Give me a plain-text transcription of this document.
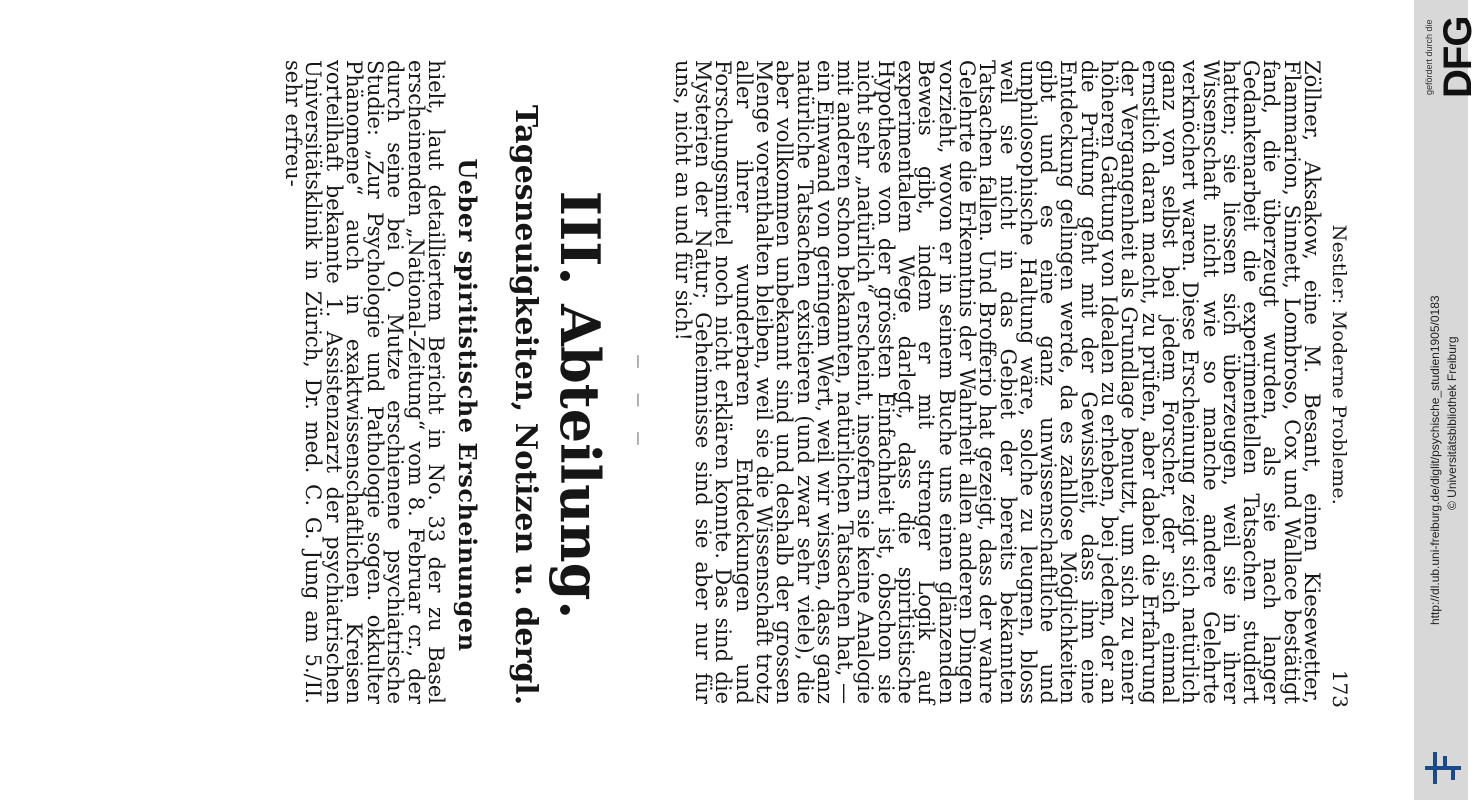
Nestler: Moderne Probleme.
173

Zöllner, Aksakow, eine M. Besant, einen Kiesewetter, Flammarion, Sinnett, Lombroso, Cox und Wallace bestätigt fand, die überzeugt wurden, als sie nach langer Gedankenarbeit die experimentellen Tatsachen studiert hatten; sie liessen sich überzeugen, weil sie in ihrer Wissenschaft nicht wie so manche andere Gelehrte verknöchert waren. Diese Erscheinung zeigt sich natürlich ganz von selbst bei jedem Forscher, der sich einmal ernstlich daran macht, zu prüfen, aber dabei die Erfahrung der Vergangenheit als Grundlage benutzt, um sich zu einer höheren Gattung von Idealen zu erheben, bei jedem, der an die Prüfung geht mit der Gewissheit, dass ihm eine Entdeckung gelingen werde, da es zahllose Möglichkeiten gibt und es eine ganz unwissenschaftliche und unphilosophische Haltung wäre, solche zu leugnen, bloss weil sie nicht in das Gebiet der bereits bekannten Tatsachen fallen. Und Brofferio hat gezeigt, dass der wahre Gelehrte die Erkenntnis der Wahrheit allen anderen Dingen vorzieht, wovon er in seinem Buche uns einen glänzenden Beweis gibt, indem er mit strenger Logik auf experimentalem Wege darlegt, dass die spiritistische Hypothese von der grössten Einfachheit ist, obschon sie nicht sehr „natürlich“ erscheint, insofern sie keine Analogie mit anderen schon bekannten, natürlichen Tatsachen hat, — ein Einwand von geringem Wert, weil wir wissen, dass ganz natürliche Tatsachen existieren (und zwar sehr viele), die aber vollkommen unbekannt sind und deshalb der grossen Menge vorenthalten bleiben, weil sie die Wissenschaft trotz aller ihrer wunderbaren Entdeckungen und Forschungsmittel noch nicht erklären konnte. Das sind die Mysterien der Natur; Geheimnisse sind sie aber nur für uns, nicht an und für sich!

— — —
III. Abteilung.
Tagesneuigkeiten, Notizen u. dergl.
Ueber spiritistische Erscheinungen

hielt, laut detailliertem Bericht in No. 33 der zu Basel erscheinenden „National-Zeitung“ vom 8. Februar cr., der durch seine bei O. Mutze erschienene psychiatrische Studie: „Zur Psychologie und Pathologie sogen. okkulter Phänomene“ auch in exaktwissenschaftlichen Kreisen vorteilhaft bekannte 1. Assistenzarzt der psychiatrischen Universitätsklinik in Zürich, Dr. med. C. G. Jung am 5./II. sehr erfreu-

gefördert durch die DFG
http://dl.ub.uni-freiburg.de/diglit/psychische_studien1905/0183 © Universitätsbibliothek Freiburg
